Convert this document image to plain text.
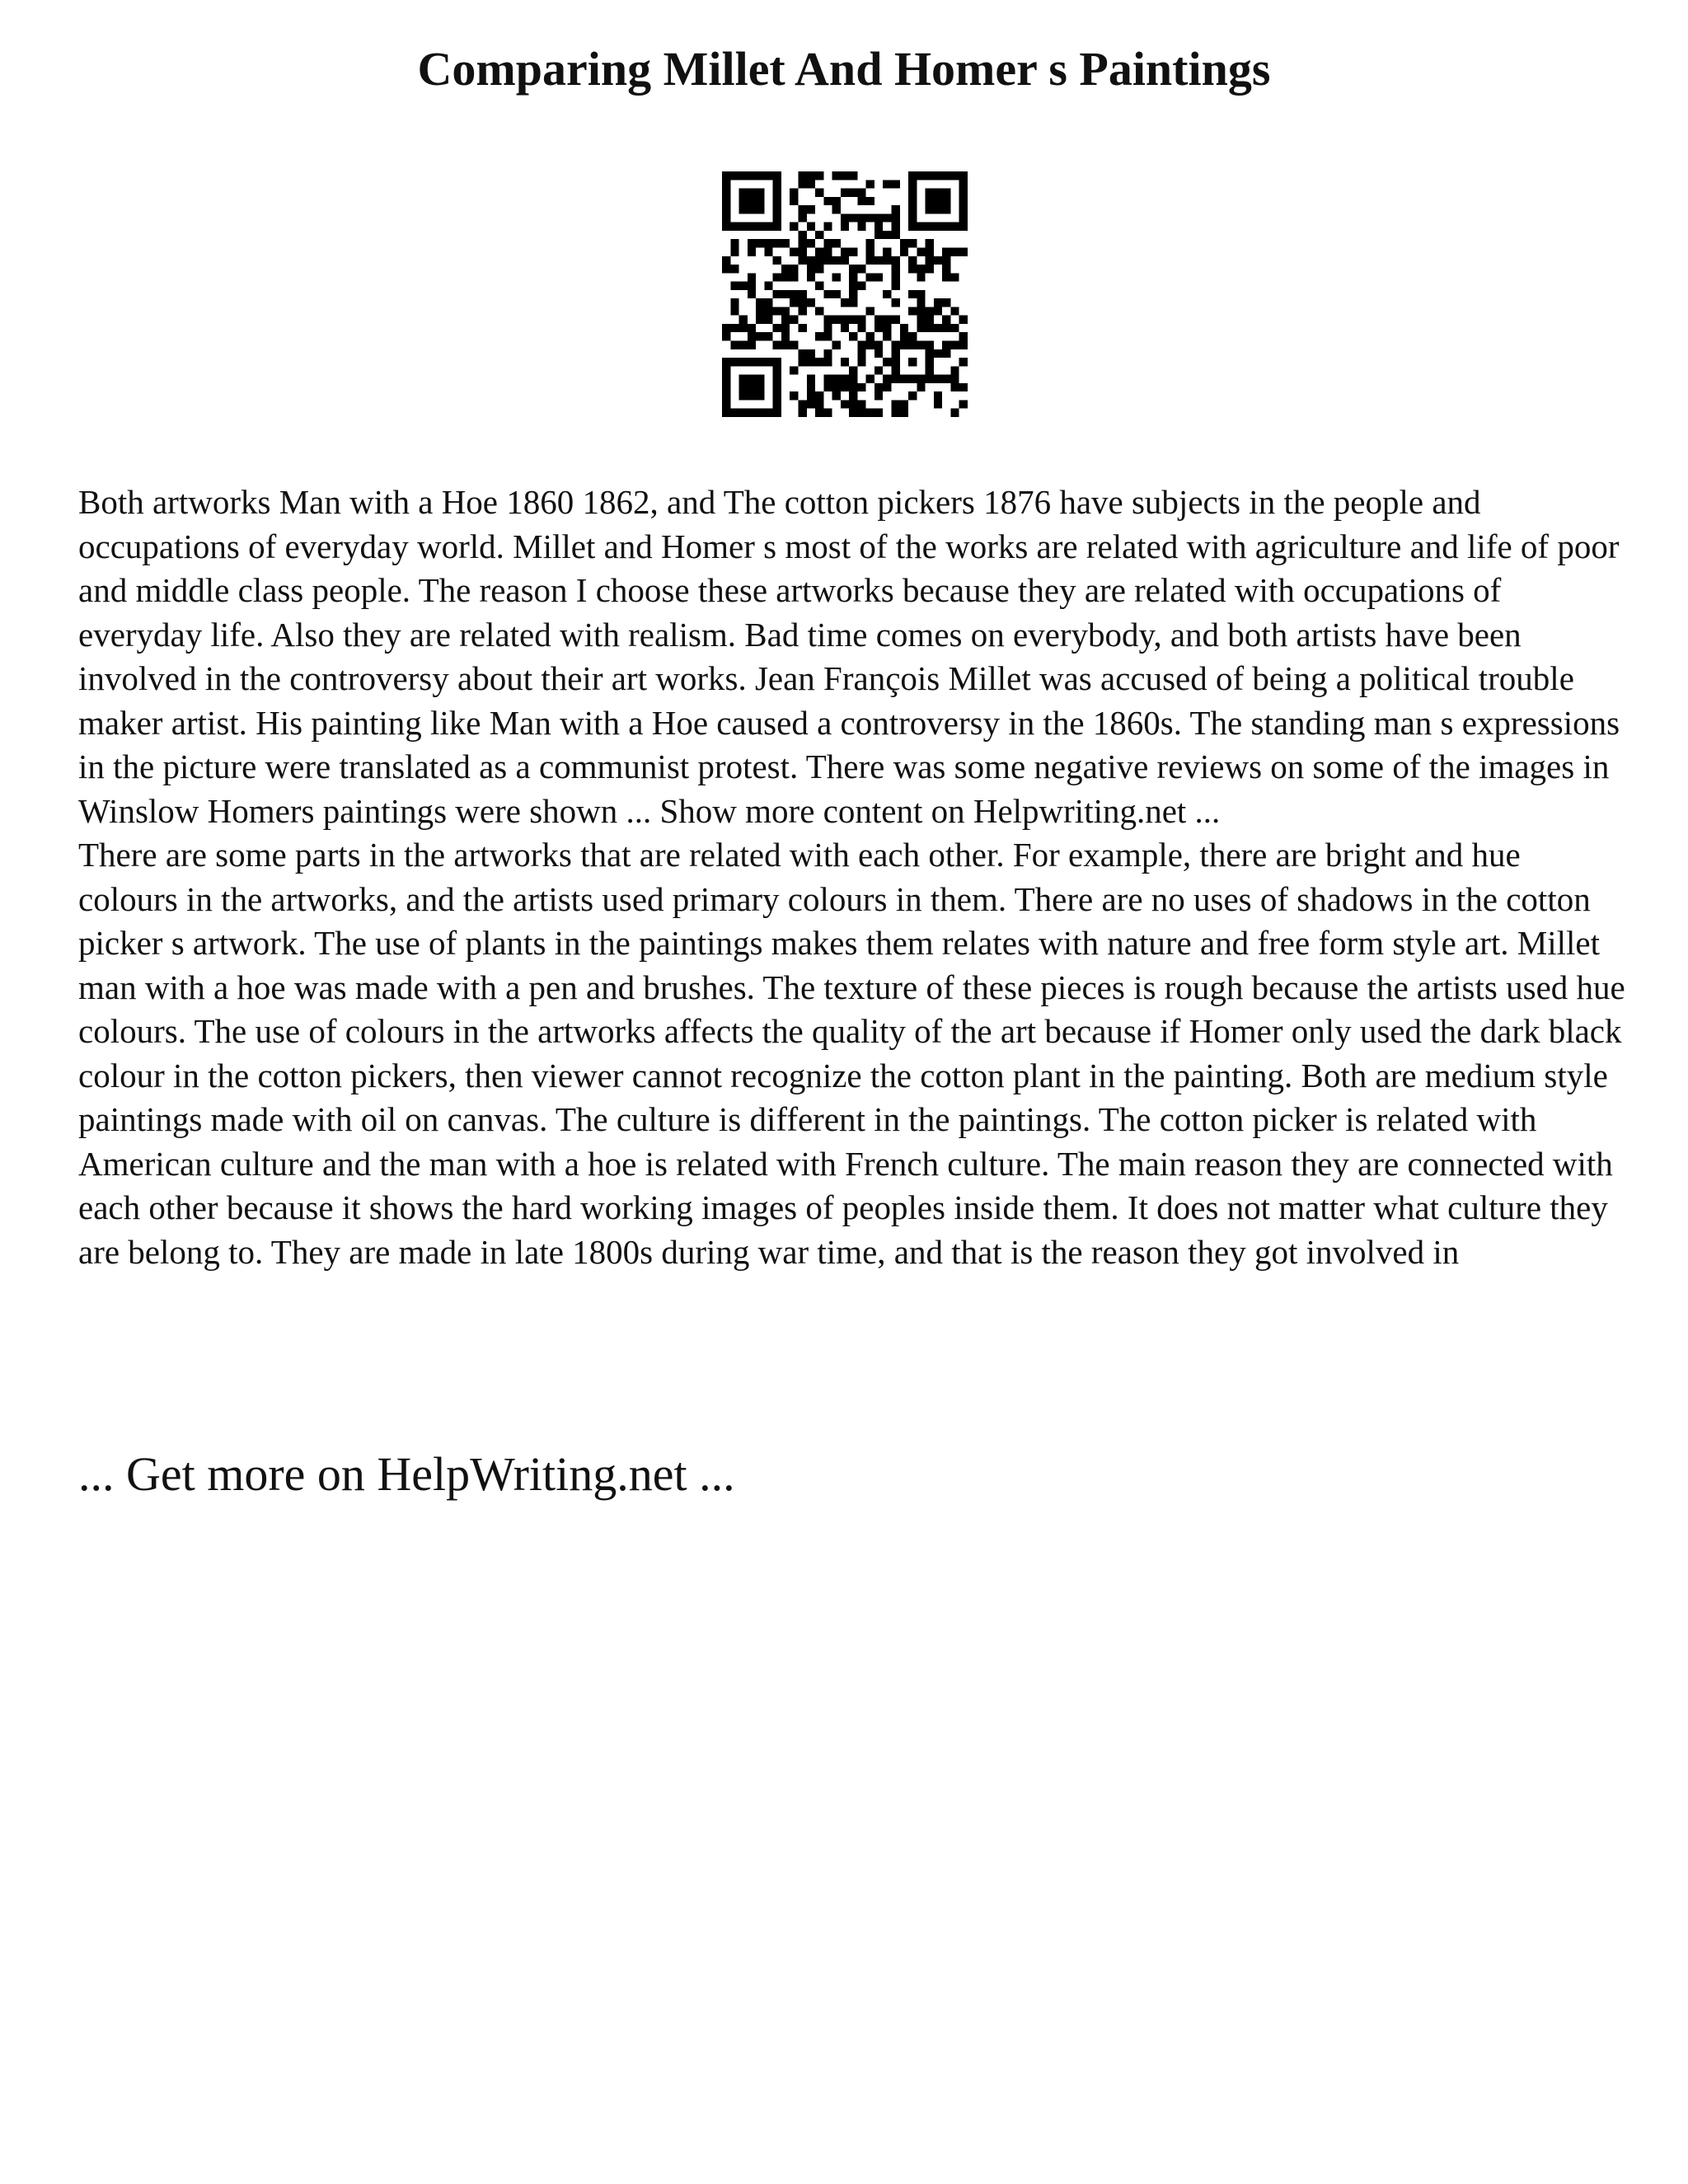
Comparing Millet And Homer s Paintings

Both artworks Man with a Hoe 1860 1862, and The cotton pickers 1876 have subjects in the people and occupations of everyday world. Millet and Homer s most of the works are related with agriculture and life of poor and middle class people. The reason I choose these artworks because they are related with occupations of everyday life. Also they are related with realism. Bad time comes on everybody, and both artists have been involved in the controversy about their art works. Jean François Millet was accused of being a political trouble maker artist. His painting like Man with a Hoe caused a controversy in the 1860s. The standing man s expressions in the picture were translated as a communist protest. There was some negative reviews on some of the images in Winslow Homers paintings were shown ... Show more content on Helpwriting.net ...

There are some parts in the artworks that are related with each other. For example, there are bright and hue colours in the artworks, and the artists used primary colours in them. There are no uses of shadows in the cotton picker s artwork. The use of plants in the paintings makes them relates with nature and free form style art. Millet man with a hoe was made with a pen and brushes. The texture of these pieces is rough because the artists used hue colours. The use of colours in the artworks affects the quality of the art because if Homer only used the dark black colour in the cotton pickers, then viewer cannot recognize the cotton plant in the painting. Both are medium style paintings made with oil on canvas. The culture is different in the paintings. The cotton picker is related with American culture and the man with a hoe is related with French culture. The main reason they are connected with each other because it shows the hard working images of peoples inside them. It does not matter what culture they are belong to. They are made in late 1800s during war time, and that is the reason they got involved in

... Get more on HelpWriting.net ...
